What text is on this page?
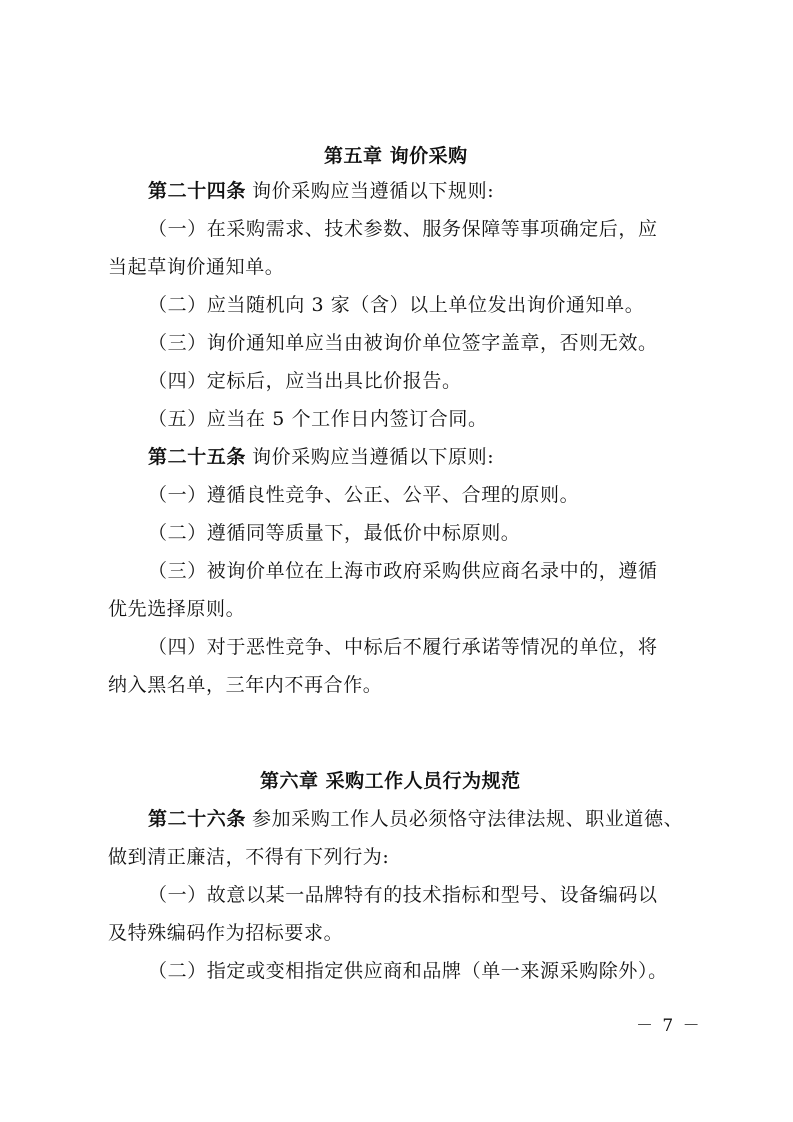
第五章 询价采购
第二十四条 询价采购应当遵循以下规则:
（一）在采购需求、技术参数、服务保障等事项确定后，应
当起草询价通知单。
（二）应当随机向 3 家（含）以上单位发出询价通知单。
（三）询价通知单应当由被询价单位签字盖章，否则无效。
（四）定标后，应当出具比价报告。
（五）应当在 5 个工作日内签订合同。
第二十五条 询价采购应当遵循以下原则:
（一）遵循良性竞争、公正、公平、合理的原则。
（二）遵循同等质量下，最低价中标原则。
（三）被询价单位在上海市政府采购供应商名录中的，遵循
优先选择原则。
（四）对于恶性竞争、中标后不履行承诺等情况的单位，将
纳入黑名单，三年内不再合作。
第六章 采购工作人员行为规范
第二十六条 参加采购工作人员必须恪守法律法规、职业道德、
做到清正廉洁，不得有下列行为:
（一）故意以某一品牌特有的技术指标和型号、设备编码以
及特殊编码作为招标要求。
（二）指定或变相指定供应商和品牌（单一来源采购除外）。
－ 7 －
